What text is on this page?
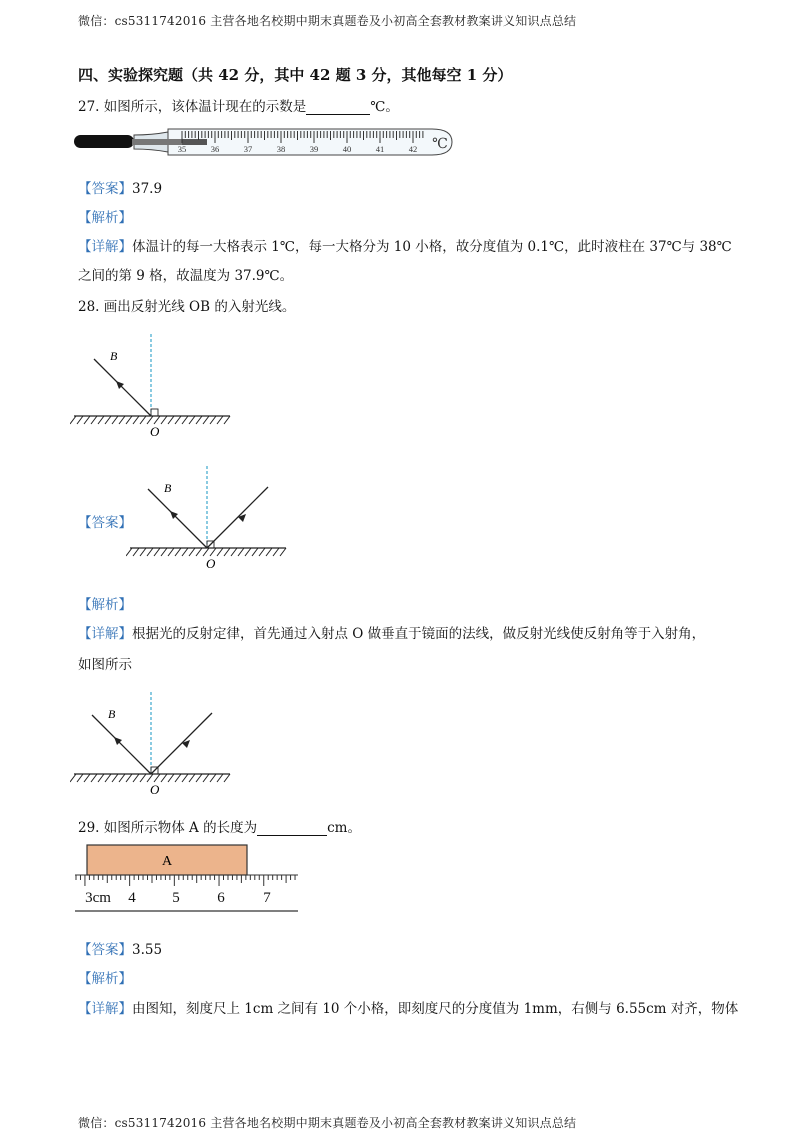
微信：cs5311742016 主营各地名校期中期末真题卷及小初高全套教材教案讲义知识点总结
四、实验探究题（共 42 分，其中 42 题 3 分，其他每空 1 分）
27. 如图所示，该体温计现在的示数是	℃。
35	36	37	38	39	40	41	42 ℃
【答案】37.9
【解析】
【详解】体温计的每一大格表示 1℃，每一大格分为 10 小格，故分度值为 0.1℃，此时液柱在 37℃与 38℃
之间的第 9 格，故温度为 37.9℃。
28. 画出反射光线 OB 的入射光线。
B
O
【答案】
B
O
【解析】
【详解】根据光的反射定律，首先通过入射点 O 做垂直于镜面的法线，做反射光线使反射角等于入射角，
如图所示
B
O
29. 如图所示物体 A 的长度为	cm。
A
3cm 4 5	6	7
【答案】3.55
【解析】
【详解】由图知，刻度尺上 1cm 之间有 10 个小格，即刻度尺的分度值为 1mm，右侧与 6.55cm 对齐，物体
微信：cs5311742016 主营各地名校期中期末真题卷及小初高全套教材教案讲义知识点总结
